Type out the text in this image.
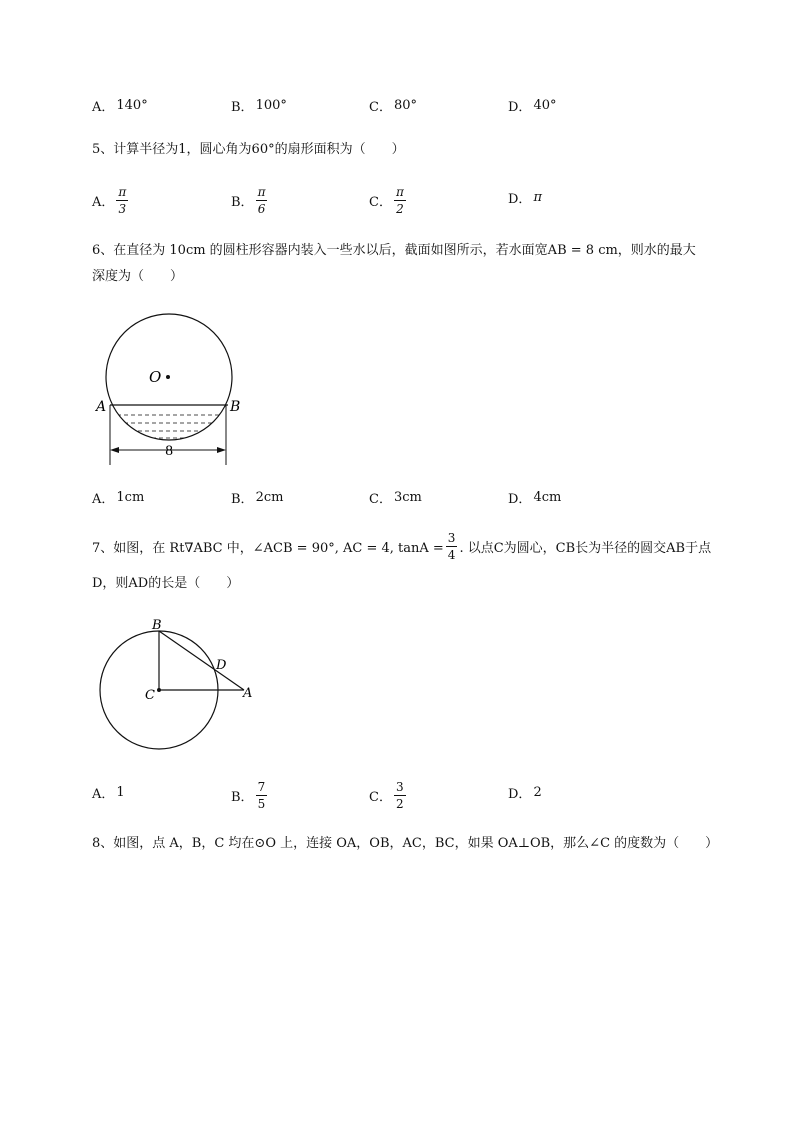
A． 140°	B． 100°	C． 80°	D． 40°
5、计算半径为1，圆心角为60°的扇形面积为（　　）
A． $\frac{\pi}{3}$	B． $\frac{\pi}{6}$	C． $\frac{\pi}{2}$	D． π
6、在直径为 10cm 的圆柱形容器内装入一些水以后，截面如图所示，若水面宽AB = 8 cm，则水的最大
深度为（　　）
O
A	B
8
A． 1cm	B． 2cm	C． 3cm	D． 4cm
7、如图，在 Rt∇ABC 中，∠ACB = 90°, AC = 4, $\tan A = \frac{3}{4}$ . 以点C为圆心，CB长为半径的圆交AB于点
D，则AD的长是（　　）
B
D
C	A
A． 1	B． $\frac{7}{5}$	C． $\frac{3}{2}$	D． 2
8、如图，点 A，B，C 均在⊙O 上，连接 OA，OB，AC，BC，如果 OA⊥OB，那么∠C 的度数为（　　）
